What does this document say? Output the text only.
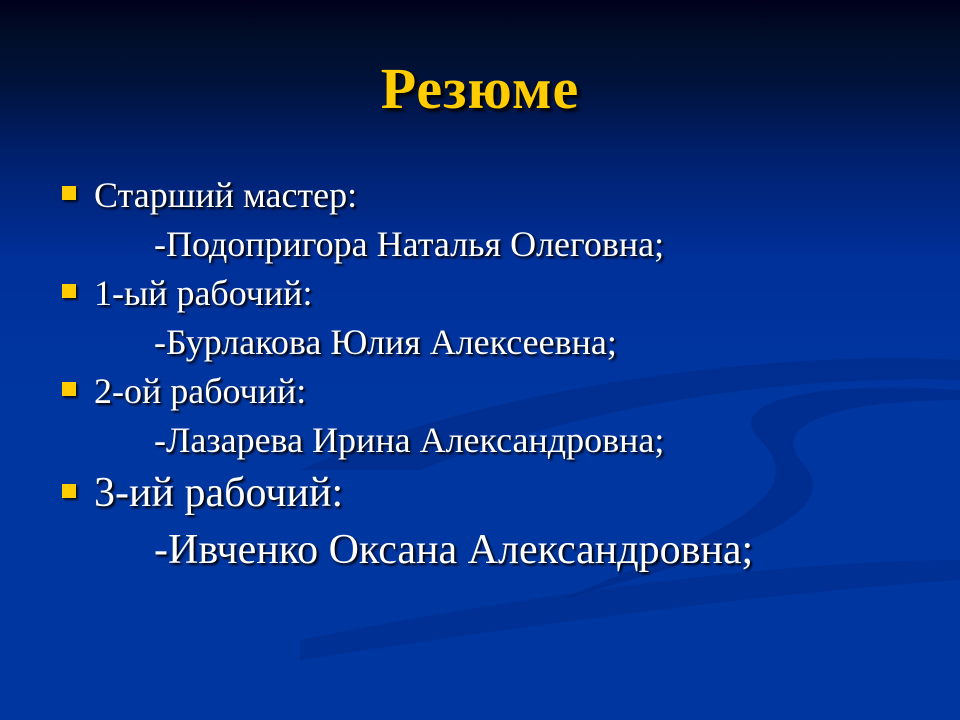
Резюме
Старший мастер:
-Подопригора Наталья Олеговна;
1-ый рабочий:
-Бурлакова Юлия Алексеевна;
2-ой рабочий:
-Лазарева Ирина Александровна;
3-ий рабочий:
-Ивченко Оксана Александровна;
